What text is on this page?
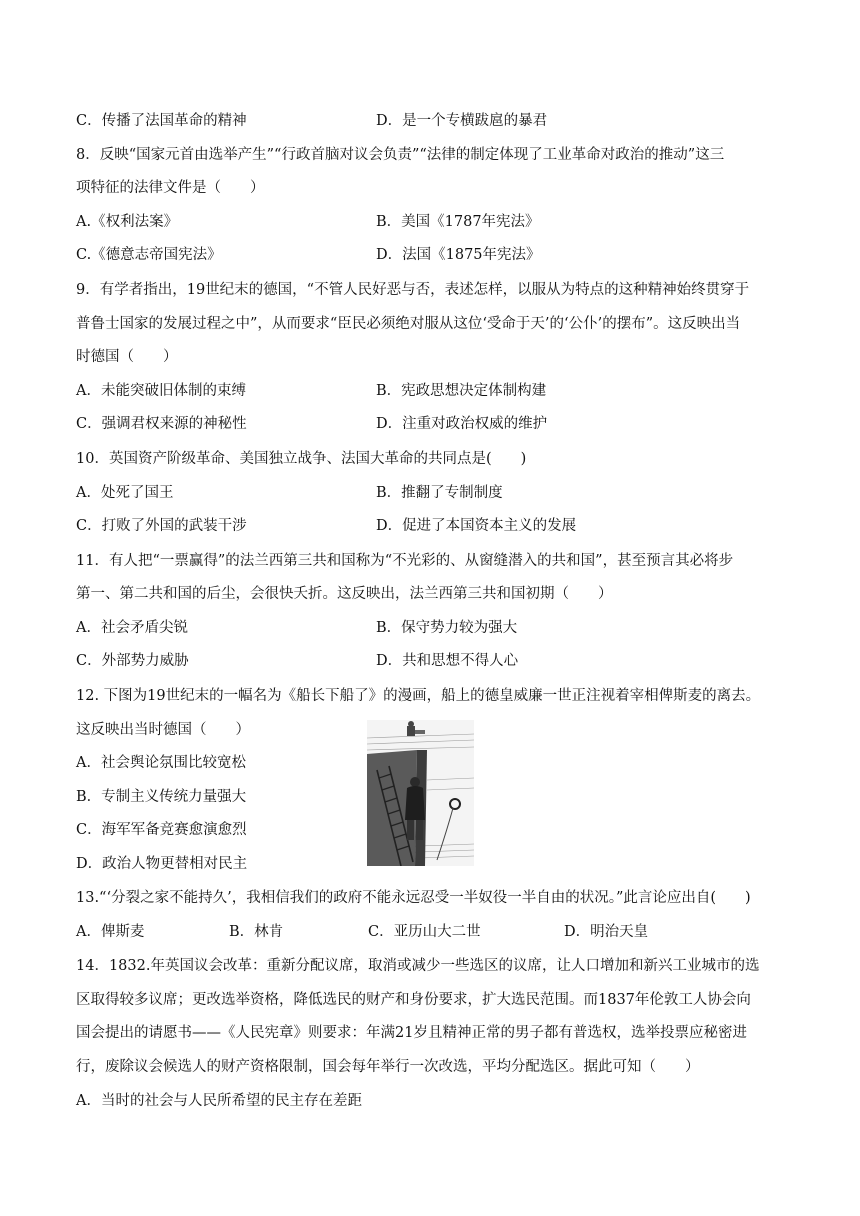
C．传播了法国革命的精神	D．是一个专横跋扈的暴君
8．反映“国家元首由选举产生”“行政首脑对议会负责”“法律的制定体现了工业革命对政治的推动”这三
项特征的法律文件是（　　）
A.《权利法案》	B．美国《1787年宪法》
C.《德意志帝国宪法》	D．法国《1875年宪法》
9．有学者指出，19世纪末的德国，“不管人民好恶与否，表述怎样，以服从为特点的这种精神始终贯穿于
普鲁士国家的发展过程之中”，从而要求“臣民必须绝对服从这位‘受命于天’的‘公仆’的摆布”。这反映出当
时德国（　　）
A．未能突破旧体制的束缚	B．宪政思想决定体制构建
C．强调君权来源的神秘性	D．注重对政治权威的维护
10．英国资产阶级革命、美国独立战争、法国大革命的共同点是(　　)
A．处死了国王	B．推翻了专制制度
C．打败了外国的武装干涉	D．促进了本国资本主义的发展
11．有人把“一票赢得”的法兰西第三共和国称为“不光彩的、从窗缝潜入的共和国”，甚至预言其必将步
第一、第二共和国的后尘，会很快夭折。这反映出，法兰西第三共和国初期（　　）
A．社会矛盾尖锐	B．保守势力较为强大
C．外部势力威胁	D．共和思想不得人心
12. 下图为19世纪末的一幅名为《船长下船了》的漫画，船上的德皇威廉一世正注视着宰相俾斯麦的离去。
这反映出当时德国（　　）
A．社会舆论氛围比较宽松
B．专制主义传统力量强大
C．海军军备竞赛愈演愈烈
D．政治人物更替相对民主
13.“‘分裂之家不能持久’，我相信我们的政府不能永远忍受一半奴役一半自由的状况。”此言论应出自(　　)
A．俾斯麦	B．林肯	C．亚历山大二世	D．明治天皇
14．1832.年英国议会改革：重新分配议席，取消或减少一些选区的议席，让人口增加和新兴工业城市的选
区取得较多议席；更改选举资格，降低选民的财产和身份要求，扩大选民范围。而1837年伦敦工人协会向
国会提出的请愿书——《人民宪章》则要求：年满21岁且精神正常的男子都有普选权，选举投票应秘密进
行，废除议会候选人的财产资格限制，国会每年举行一次改选，平均分配选区。据此可知（　　）
A．当时的社会与人民所希望的民主存在差距
